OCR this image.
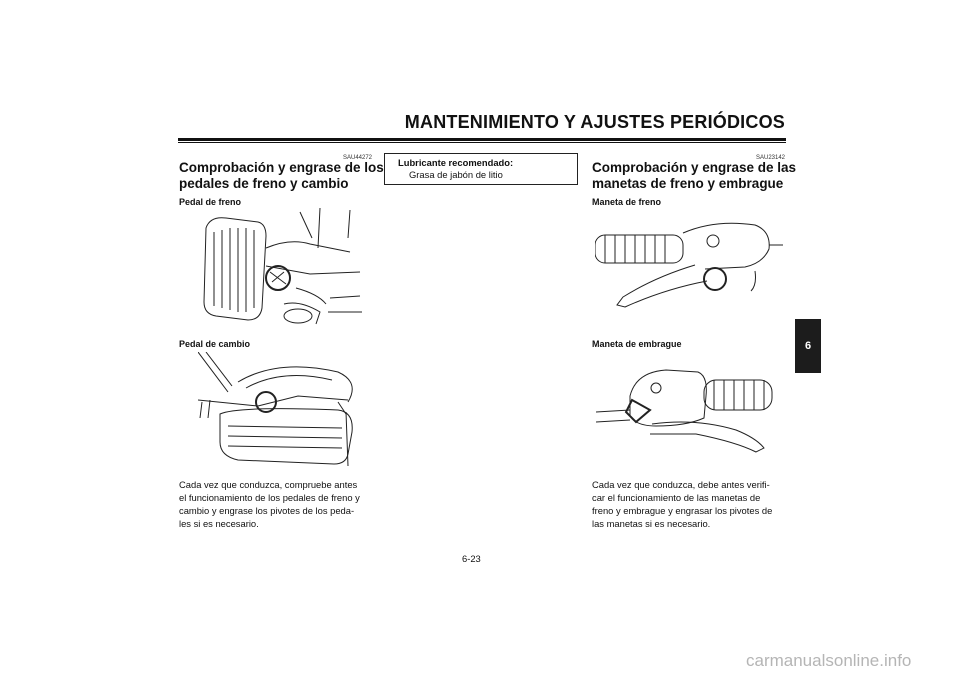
MANTENIMIENTO Y AJUSTES PERIÓDICOS
SAU44272
Comprobación y engrase de los
pedales de freno y cambio
Pedal de freno
Pedal de cambio
Cada vez que conduzca, compruebe antes
el funcionamiento de los pedales de freno y
cambio y engrase los pivotes de los peda-
les si es necesario.
Lubricante recomendado:
Grasa de jabón de litio
SAU23142
Comprobación y engrase de las
manetas de freno y embrague
Maneta de freno
Maneta de embrague
Cada vez que conduzca, debe antes verifi-
car el funcionamiento de las manetas de
freno y embrague y engrasar los pivotes de
las manetas si es necesario.
6
6-23
carmanualsonline.info
